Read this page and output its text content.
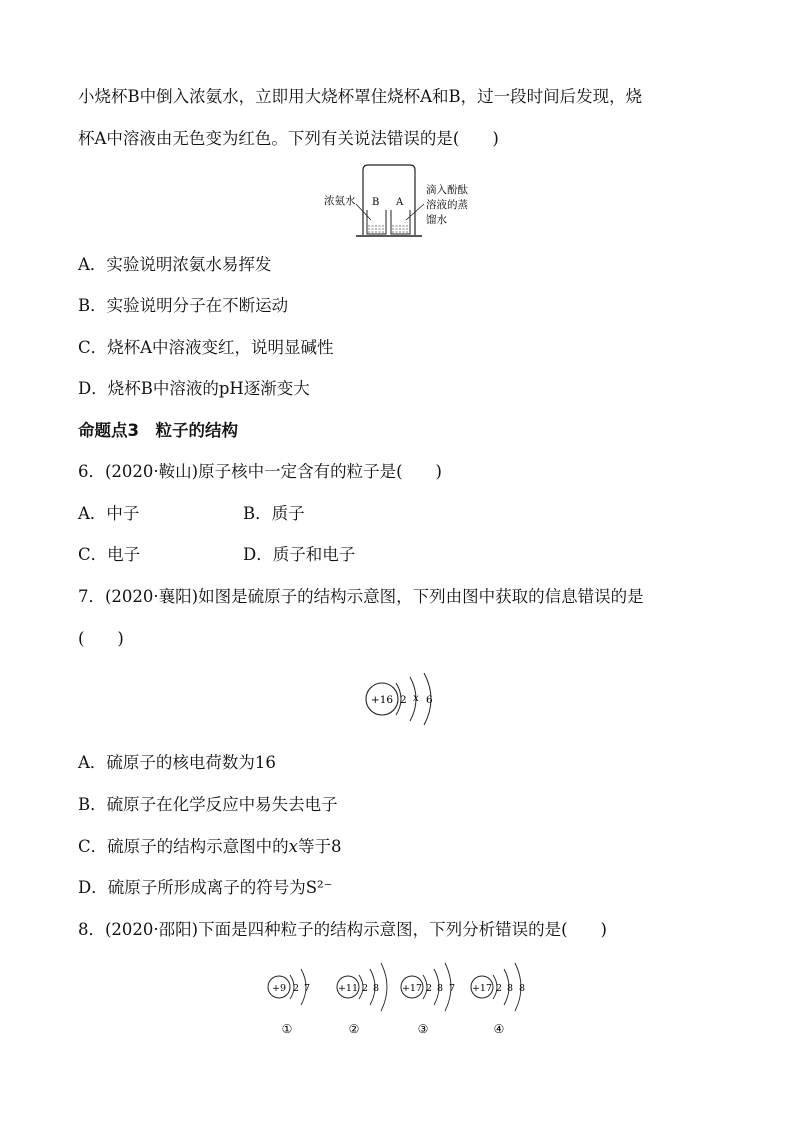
小烧杯B中倒入浓氨水，立即用大烧杯罩住烧杯A和B，过一段时间后发现，烧
杯A中溶液由无色变为红色。下列有关说法错误的是(　　)
浓氨水 B A
滴入酚酞
溶液的蒸
馏水
A．实验说明浓氨水易挥发
B．实验说明分子在不断运动
C．烧杯A中溶液变红，说明显碱性
D．烧杯B中溶液的pH逐渐变大
命题点3　粒子的结构
6．(2020·鞍山)原子核中一定含有的粒子是(　　)
A．中子	B．质子
C．电子	D．质子和电子
7．(2020·襄阳)如图是硫原子的结构示意图，下列由图中获取的信息错误的是
(　　)
+16 2 x 6
A．硫原子的核电荷数为16
B．硫原子在化学反应中易失去电子
C．硫原子的结构示意图中的x等于8
D．硫原子所形成离子的符号为S²⁻
8．(2020·邵阳)下面是四种粒子的结构示意图，下列分析错误的是(　　)
+9 2 7
①
+11 2 8
②
+17 2 8 7
③
+17 2 8 8
④
